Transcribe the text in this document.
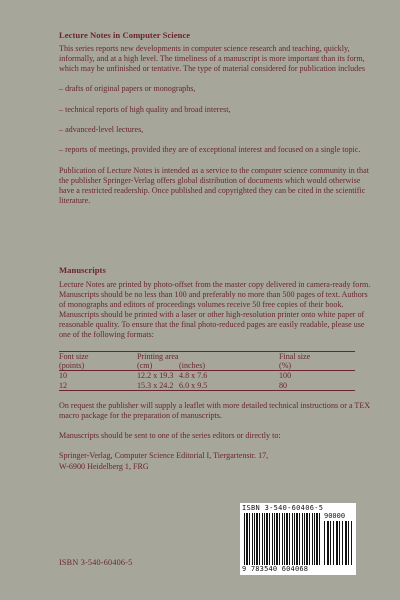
Lecture Notes in Computer Science

This series reports new developments in computer science research and teaching, quickly, informally, and at a high level. The timeliness of a manuscript is more important than its form, which may be unfinished or tentative. The type of material considered for publication includes

– drafts of original papers or monographs,
– technical reports of high quality and broad interest,
– advanced-level lectures,
– reports of meetings, provided they are of exceptional interest and focused on a single topic.

Publication of Lecture Notes is intended as a service to the computer science community in that the publisher Springer-Verlag offers global distribution of documents which would otherwise have a restricted readership. Once published and copyrighted they can be cited in the scientific literature.

Manuscripts

Lecture Notes are printed by photo-offset from the master copy delivered in camera-ready form. Manuscripts should be no less than 100 and preferably no more than 500 pages of text. Authors of monographs and editors of proceedings volumes receive 50 free copies of their book. Manuscripts should be printed with a laser or other high-resolution printer onto white paper of reasonable quality. To ensure that the final photo-reduced pages are easily readable, please use one of the following formats:

Font size	Printing area		Final size
(points)	(cm)	(inches)	(%)
10	12.2 x 19.3	4.8 x 7.6	100
12	15.3 x 24.2	6.0 x 9.5	80

On request the publisher will supply a leaflet with more detailed technical instructions or a TEX macro package for the preparation of manuscripts.

Manuscripts should be sent to one of the series editors or directly to:

Springer-Verlag, Computer Science Editorial I, Tiergartenstr. 17,

W-6900 Heidelberg 1, FRG

ISBN 3-540-60406-5
ISBN 3-540-60406-5
90000
9 783540 604068
